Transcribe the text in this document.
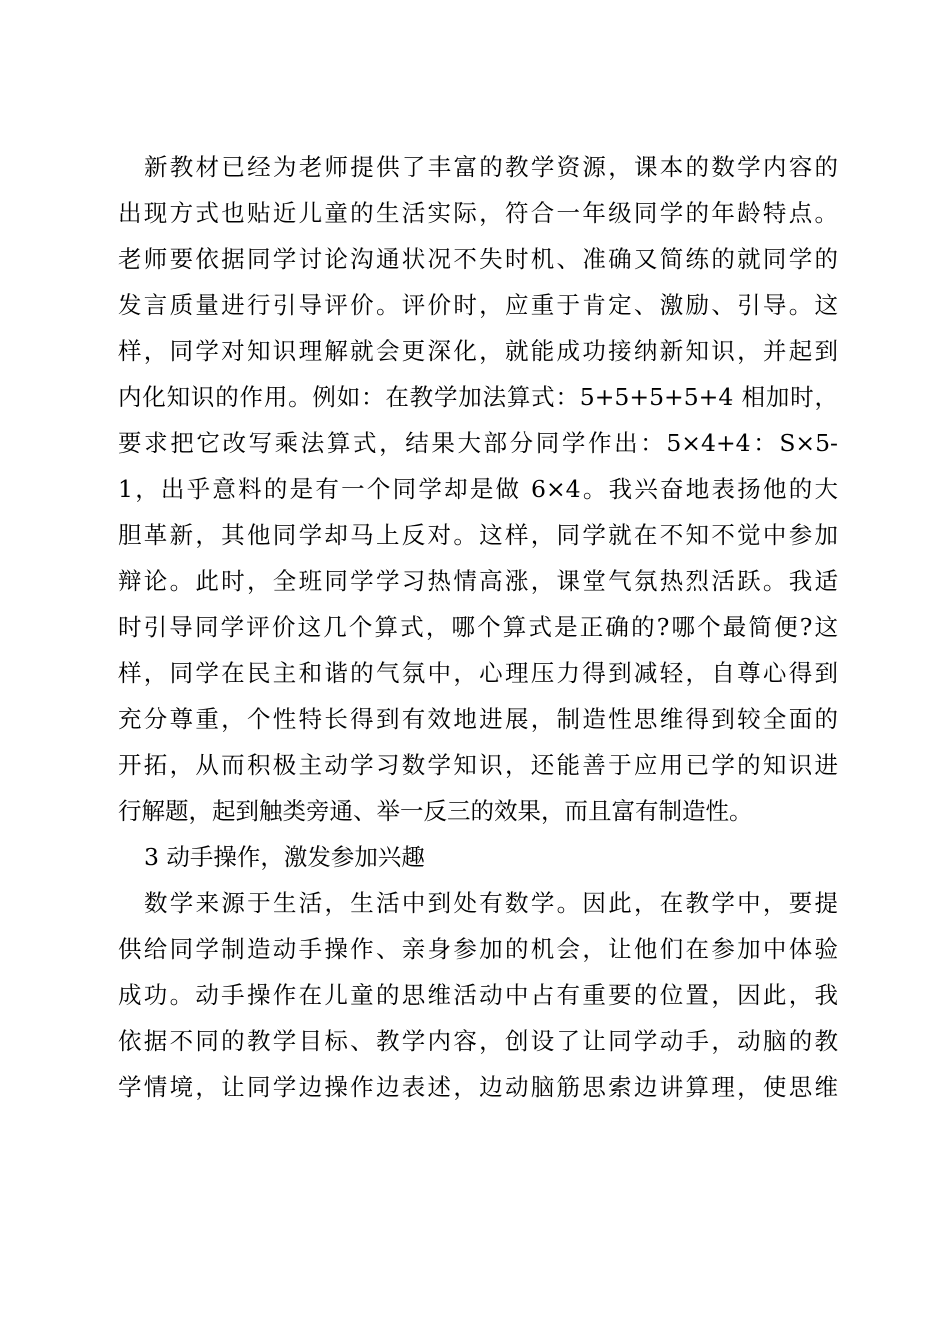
新教材已经为老师提供了丰富的教学资源，课本的数学内容的
出现方式也贴近儿童的生活实际，符合一年级同学的年龄特点。
老师要依据同学讨论沟通状况不失时机、准确又简练的就同学的
发言质量进行引导评价。评价时，应重于肯定、激励、引导。这
样，同学对知识理解就会更深化，就能成功接纳新知识，并起到
内化知识的作用。例如：在教学加法算式：5+5+5+5+4 相加时，
要求把它改写乘法算式，结果大部分同学作出：5×4+4：S×5-
1，出乎意料的是有一个同学却是做 6×4。我兴奋地表扬他的大
胆革新，其他同学却马上反对。这样，同学就在不知不觉中参加
辩论。此时，全班同学学习热情高涨，课堂气氛热烈活跃。我适
时引导同学评价这几个算式，哪个算式是正确的?哪个最简便?这
样，同学在民主和谐的气氛中，心理压力得到减轻，自尊心得到
充分尊重，个性特长得到有效地进展，制造性思维得到较全面的
开拓，从而积极主动学习数学知识，还能善于应用已学的知识进
行解题，起到触类旁通、举一反三的效果，而且富有制造性。
3 动手操作，激发参加兴趣
数学来源于生活，生活中到处有数学。因此，在教学中，要提
供给同学制造动手操作、亲身参加的机会，让他们在参加中体验
成功。动手操作在儿童的思维活动中占有重要的位置，因此，我
依据不同的教学目标、教学内容，创设了让同学动手，动脑的教
学情境，让同学边操作边表述，边动脑筋思索边讲算理，使思维
